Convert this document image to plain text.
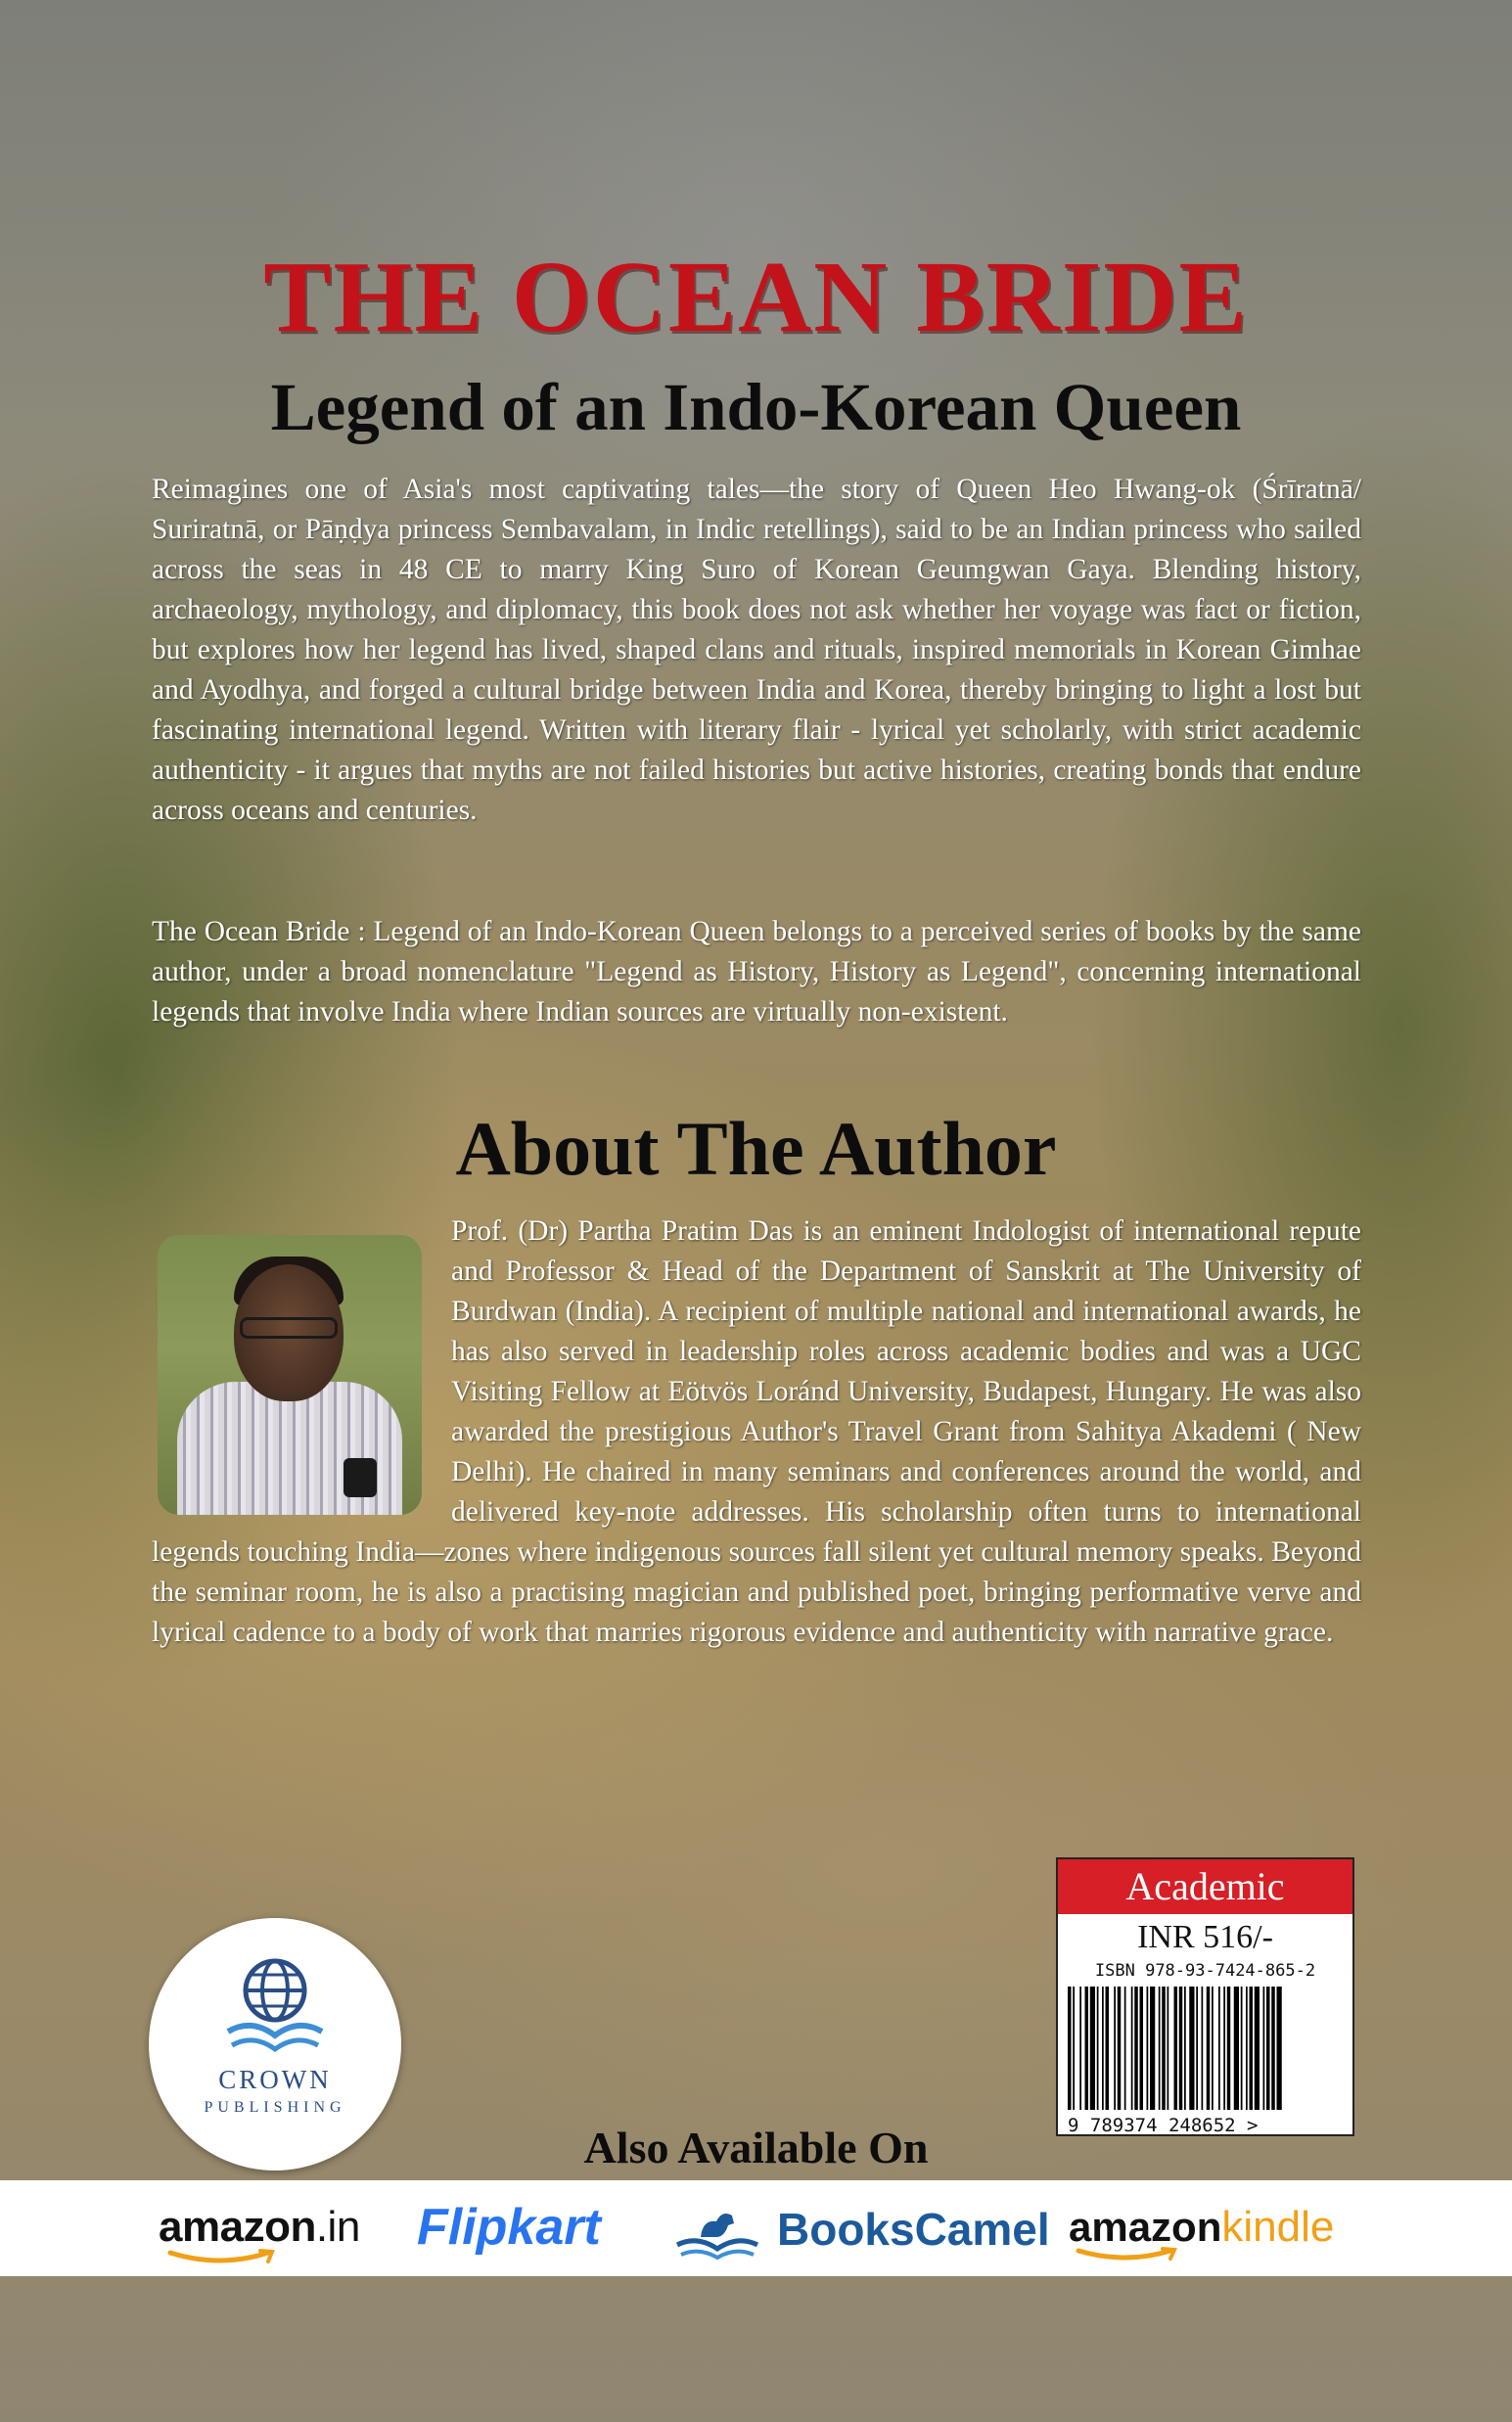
THE OCEAN BRIDE
Legend of an Indo-Korean Queen
Reimagines one of Asia's most captivating tales—the story of Queen Heo Hwang-ok (Śrīratnā/ Suriratnā, or Pāṇḍya princess Sembavalam, in Indic retellings), said to be an Indian princess who sailed across the seas in 48 CE to marry King Suro of Korean Geumgwan Gaya. Blending history, archaeology, mythology, and diplomacy, this book does not ask whether her voyage was fact or fiction, but explores how her legend has lived, shaped clans and rituals, inspired memorials in Korean Gimhae and Ayodhya, and forged a cultural bridge between India and Korea, thereby bringing to light a lost but fascinating international legend. Written with literary flair - lyrical yet scholarly, with strict academic authenticity - it argues that myths are not failed histories but active histories, creating bonds that endure across oceans and centuries.
The Ocean Bride : Legend of an Indo-Korean Queen belongs to a perceived series of books by the same author, under a broad nomenclature "Legend as History, History as Legend", concerning international legends that involve India where Indian sources are virtually non-existent.
About The Author
Prof. (Dr) Partha Pratim Das is an eminent Indologist of international repute and Professor & Head of the Department of Sanskrit at The University of Burdwan (India). A recipient of multiple national and international awards, he has also served in leadership roles across academic bodies and was a UGC Visiting Fellow at Eötvös Loránd University, Budapest, Hungary. He was also awarded the prestigious Author's Travel Grant from Sahitya Akademi ( New Delhi). He chaired in many seminars and conferences around the world, and delivered key-note addresses. His scholarship often turns to international legends touching India—zones where indigenous sources fall silent yet cultural memory speaks. Beyond the seminar room, he is also a practising magician and published poet, bringing performative verve and lyrical cadence to a body of work that marries rigorous evidence and authenticity with narrative grace.
CROWN
PUBLISHING
Academic
INR 516/-
ISBN 978-93-7424-865-2
9 789374 248652 >
Also Available On
amazon.in Flipkart	BooksCamel amazonkindle
